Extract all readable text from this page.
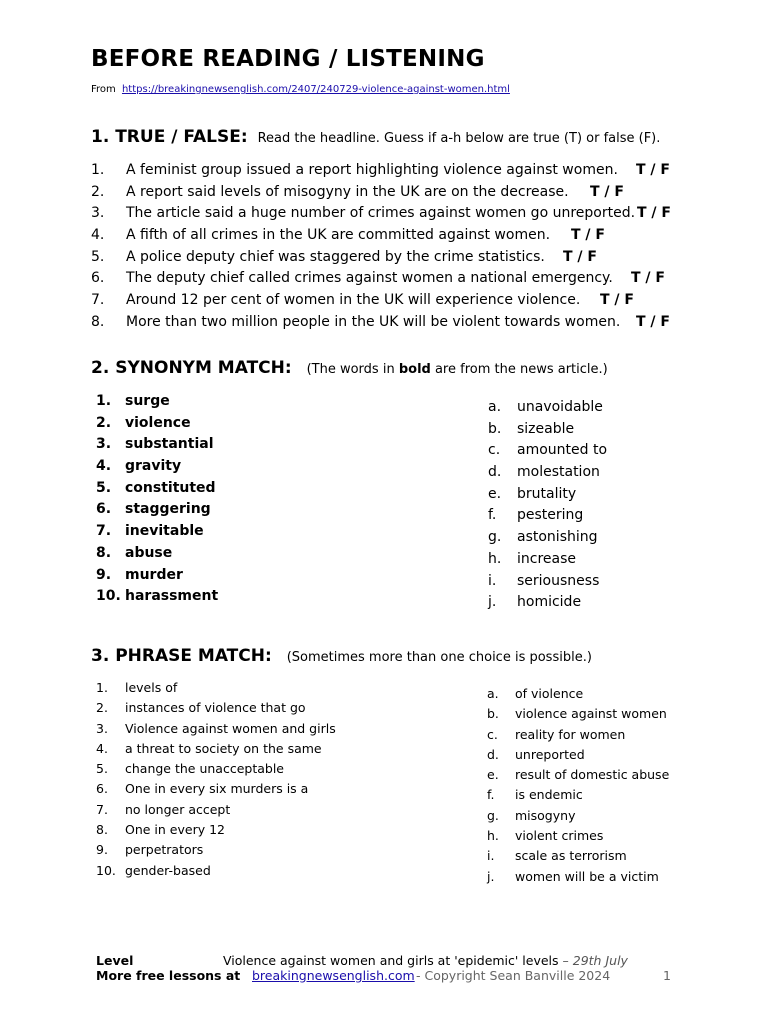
BEFORE READING / LISTENING
From https://breakingnewsenglish.com/2407/240729-violence-against-women.html
1. TRUE / FALSE: Read the headline. Guess if a-h below are true (T) or false (F).
1. A feminist group issued a report highlighting violence against women. T / F
2. A report said levels of misogyny in the UK are on the decrease. T / F
3. The article said a huge number of crimes against women go unreported. T / F
4. A fifth of all crimes in the UK are committed against women. T / F
5. A police deputy chief was staggered by the crime statistics. T / F
6. The deputy chief called crimes against women a national emergency. T / F
7. Around 12 per cent of women in the UK will experience violence. T / F
8. More than two million people in the UK will be violent towards women. T / F
2. SYNONYM MATCH: (The words in bold are from the news article.)
1. surge
2. violence
3. substantial
4. gravity
5. constituted
6. staggering
7. inevitable
8. abuse
9. murder
10. harassment
a. unavoidable
b. sizeable
c. amounted to
d. molestation
e. brutality
f. pestering
g. astonishing
h. increase
i. seriousness
j. homicide
3. PHRASE MATCH: (Sometimes more than one choice is possible.)
1. levels of
2. instances of violence that go
3. Violence against women and girls
4. a threat to society on the same
5. change the unacceptable
6. One in every six murders is a
7. no longer accept
8. One in every 12
9. perpetrators
10. gender-based
a. of violence
b. violence against women
c. reality for women
d. unreported
e. result of domestic abuse
f. is endemic
g. misogyny
h. violent crimes
i. scale as terrorism
j. women will be a victim
Level	Violence against women and girls at 'epidemic' levels – 29th July
More free lessons at breakingnewsenglish.com - Copyright Sean Banville 2024	1
